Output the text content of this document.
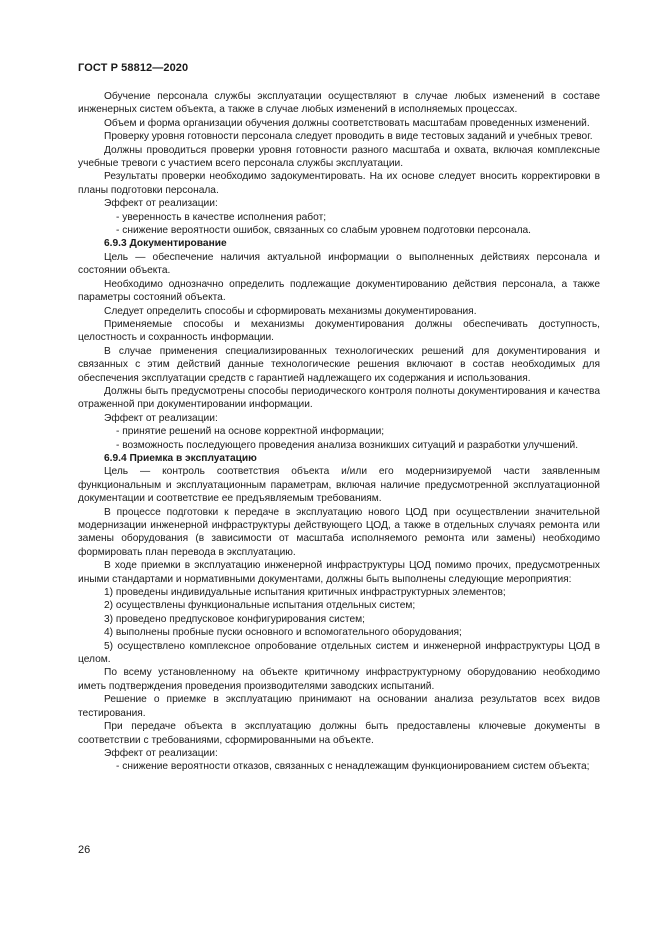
ГОСТ Р 58812—2020

Обучение персонала службы эксплуатации осуществляют в случае любых изменений в составе инженерных систем объекта, а также в случае любых изменений в исполняемых процессах.

Объем и форма организации обучения должны соответствовать масштабам проведенных изменений.

Проверку уровня готовности персонала следует проводить в виде тестовых заданий и учебных тревог.

Должны проводиться проверки уровня готовности разного масштаба и охвата, включая комплексные учебные тревоги с участием всего персонала службы эксплуатации.

Результаты проверки необходимо задокументировать. На их основе следует вносить корректировки в планы подготовки персонала.

Эффект от реализации:

- уверенность в качестве исполнения работ;

- снижение вероятности ошибок, связанных со слабым уровнем подготовки персонала.

6.9.3 Документирование

Цель — обеспечение наличия актуальной информации о выполненных действиях персонала и состоянии объекта.

Необходимо однозначно определить подлежащие документированию действия персонала, а также параметры состояний объекта.

Следует определить способы и сформировать механизмы документирования.

Применяемые способы и механизмы документирования должны обеспечивать доступность, целостность и сохранность информации.

В случае применения специализированных технологических решений для документирования и связанных с этим действий данные технологические решения включают в состав необходимых для обеспечения эксплуатации средств с гарантией надлежащего их содержания и использования.

Должны быть предусмотрены способы периодического контроля полноты документирования и качества отраженной при документировании информации.

Эффект от реализации:

- принятие решений на основе корректной информации;

- возможность последующего проведения анализа возникших ситуаций и разработки улучшений.

6.9.4 Приемка в эксплуатацию

Цель — контроль соответствия объекта и/или его модернизируемой части заявленным функциональным и эксплуатационным параметрам, включая наличие предусмотренной эксплуатационной документации и соответствие ее предъявляемым требованиям.

В процессе подготовки к передаче в эксплуатацию нового ЦОД при осуществлении значительной модернизации инженерной инфраструктуры действующего ЦОД, а также в отдельных случаях ремонта или замены оборудования (в зависимости от масштаба исполняемого ремонта или замены) необходимо формировать план перевода в эксплуатацию.

В ходе приемки в эксплуатацию инженерной инфраструктуры ЦОД помимо прочих, предусмотренных иными стандартами и нормативными документами, должны быть выполнены следующие мероприятия:

1) проведены индивидуальные испытания критичных инфраструктурных элементов;

2) осуществлены функциональные испытания отдельных систем;

3) проведено предпусковое конфигурирования систем;

4) выполнены пробные пуски основного и вспомогательного оборудования;

5) осуществлено комплексное опробование отдельных систем и инженерной инфраструктуры ЦОД в целом.

По всему установленному на объекте критичному инфраструктурному оборудованию необходимо иметь подтверждения проведения производителями заводских испытаний.

Решение о приемке в эксплуатацию принимают на основании анализа результатов всех видов тестирования.

При передаче объекта в эксплуатацию должны быть предоставлены ключевые документы в соответствии с требованиями, сформированными на объекте.

Эффект от реализации:

- снижение вероятности отказов, связанных с ненадлежащим функционированием систем объекта;

26
